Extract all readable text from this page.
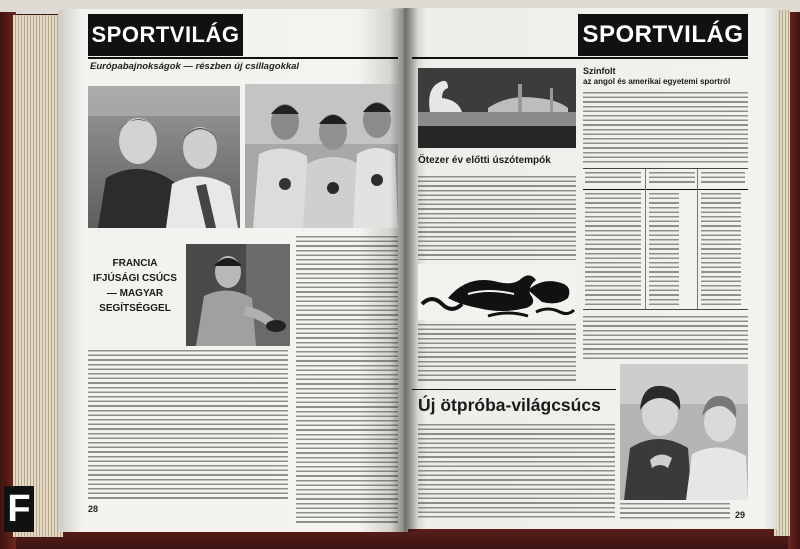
F
SPORTVILÁG
Európabajnokságok — részben új csillagokkal
FRANCIA
IFJÚSÁGI CSÚCS
— MAGYAR
SEGÍTSÉGGEL
28
SPORTVILÁG
Szinfolt
az angol és amerikai egyetemi sportról
Ötezer év előtti úszótempók
Új ötpróba-világcsúcs
29
